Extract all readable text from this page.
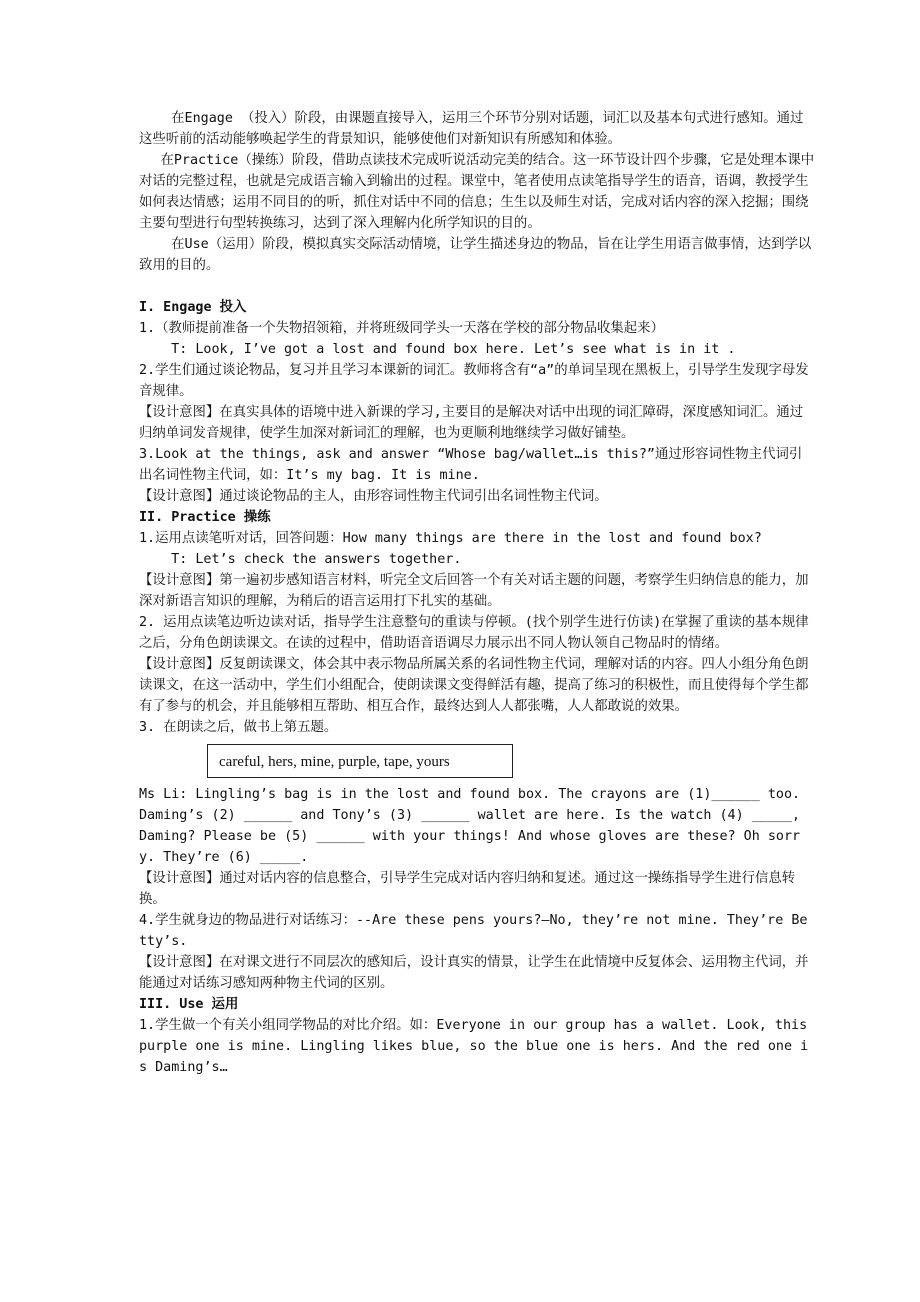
在Engage （投入）阶段，由课题直接导入，运用三个环节分别对话题，词汇以及基本句式进行感知。通过这些听前的活动能够唤起学生的背景知识，能够使他们对新知识有所感知和体验。

在Practice（操练）阶段，借助点读技术完成听说活动完美的结合。这一环节设计四个步骤，它是处理本课中对话的完整过程，也就是完成语言输入到输出的过程。课堂中，笔者使用点读笔指导学生的语音，语调，教授学生如何表达情感；运用不同目的的听，抓住对话中不同的信息；生生以及师生对话，完成对话内容的深入挖掘；围绕主要句型进行句型转换练习，达到了深入理解内化所学知识的目的。

在Use（运用）阶段，模拟真实交际活动情境，让学生描述身边的物品，旨在让学生用语言做事情，达到学以致用的目的。

I. Engage 投入

1.（教师提前准备一个失物招领箱，并将班级同学头一天落在学校的部分物品收集起来）

T: Look, I’ve got a lost and found box here. Let’s see what is in it .

2.学生们通过谈论物品，复习并且学习本课新的词汇。教师将含有“a”的单词呈现在黑板上，引导学生发现字母发音规律。

【设计意图】在真实具体的语境中进入新课的学习,主要目的是解决对话中出现的词汇障碍，深度感知词汇。通过归纳单词发音规律，使学生加深对新词汇的理解，也为更顺利地继续学习做好铺垫。

3.Look at the things, ask and answer “Whose bag/wallet…is this?”通过形容词性物主代词引出名词性物主代词，如：It’s my bag. It is mine.

【设计意图】通过谈论物品的主人，由形容词性物主代词引出名词性物主代词。

II. Practice 操练

1.运用点读笔听对话，回答问题：How many things are there in the lost and found box?

T: Let’s check the answers together.

【设计意图】第一遍初步感知语言材料，听完全文后回答一个有关对话主题的问题，考察学生归纳信息的能力，加深对新语言知识的理解，为稍后的语言运用打下扎实的基础。

2. 运用点读笔边听边读对话，指导学生注意整句的重读与停顿。(找个别学生进行仿读)在掌握了重读的基本规律之后，分角色朗读课文。在读的过程中，借助语音语调尽力展示出不同人物认领自己物品时的情绪。

【设计意图】反复朗读课文，体会其中表示物品所属关系的名词性物主代词，理解对话的内容。四人小组分角色朗读课文，在这一活动中，学生们小组配合，使朗读课文变得鲜活有趣，提高了练习的积极性，而且使得每个学生都有了参与的机会，并且能够相互帮助、相互合作，最终达到人人都张嘴，人人都敢说的效果。

3. 在朗读之后，做书上第五题。

careful, hers, mine, purple, tape, yours

Ms Li: Lingling’s bag is in the lost and found box. The crayons are (1)______ too. Daming’s (2) ______ and Tony’s (3) ______ wallet are here. Is the watch (4) _____, Daming? Please be (5) ______ with your things! And whose gloves are these? Oh sorry. They’re (6) _____.

【设计意图】通过对话内容的信息整合，引导学生完成对话内容归纳和复述。通过这一操练指导学生进行信息转换。

4.学生就身边的物品进行对话练习：--Are these pens yours?—No, they’re not mine. They’re Betty’s.

【设计意图】在对课文进行不同层次的感知后，设计真实的情景，让学生在此情境中反复体会、运用物主代词，并能通过对话练习感知两种物主代词的区别。

III. Use 运用

1.学生做一个有关小组同学物品的对比介绍。如：Everyone in our group has a wallet. Look, this purple one is mine. Lingling likes blue, so the blue one is hers. And the red one is Daming’s…
